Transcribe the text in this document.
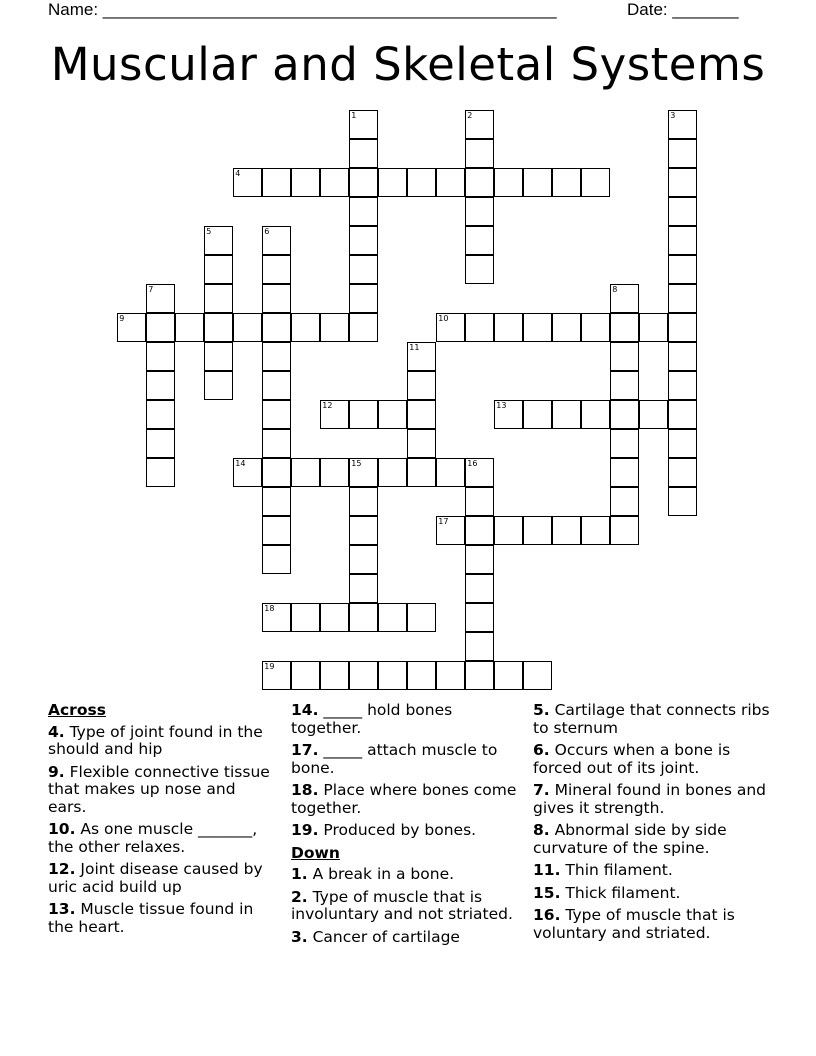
Name: ________________________________________________	Date: _______
Muscular and Skeletal Systems
1	2	3
4
5	6
7	8
9	10
11
12	13
14	15	16
17
18
19
Across
4. Type of joint found in the should and hip
9. Flexible connective tissue that makes up nose and ears.
10. As one muscle _______, the other relaxes.
12. Joint disease caused by uric acid build up
13. Muscle tissue found in the heart.
14. _____ hold bones together.
17. _____ attach muscle to bone.
18. Place where bones come together.
19. Produced by bones.
Down
1. A break in a bone.
2. Type of muscle that is involuntary and not striated.
3. Cancer of cartilage
5. Cartilage that connects ribs to sternum
6. Occurs when a bone is forced out of its joint.
7. Mineral found in bones and gives it strength.
8. Abnormal side by side curvature of the spine.
11. Thin filament.
15. Thick filament.
16. Type of muscle that is voluntary and striated.
